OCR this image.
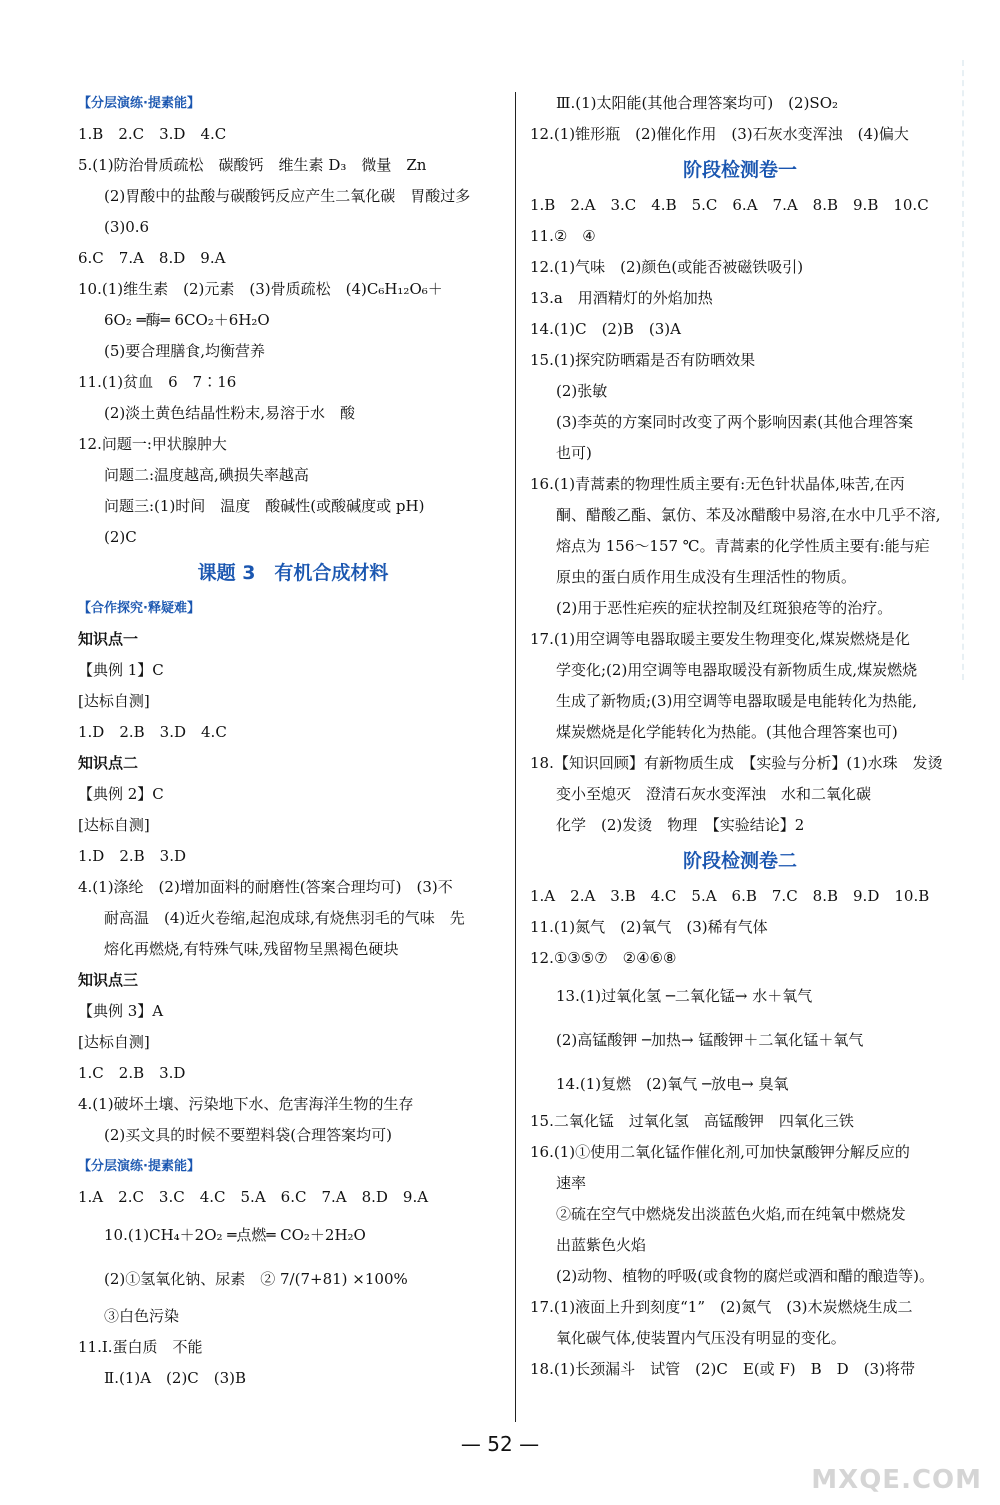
【分层演练·提素能】
1.B　2.C　3.D　4.C
5.(1)防治骨质疏松　碳酸钙　维生素 D₃　微量　Zn
(2)胃酸中的盐酸与碳酸钙反应产生二氧化碳　胃酸过多
(3)0.6
6.C　7.A　8.D　9.A
10.(1)维生素　(2)元素　(3)骨质疏松　(4)C₆H₁₂O₆＋
6O₂ ═酶═ 6CO₂＋6H₂O
(5)要合理膳食,均衡营养
11.(1)贫血　6　7∶16
(2)淡土黄色结晶性粉末,易溶于水　酸
12.问题一:甲状腺肿大
问题二:温度越高,碘损失率越高
问题三:(1)时间　温度　酸碱性(或酸碱度或 pH)
(2)C
课题 3　有机合成材料
【合作探究·释疑难】
知识点一
【典例 1】C
[达标自测]
1.D　2.B　3.D　4.C
知识点二
【典例 2】C
[达标自测]
1.D　2.B　3.D
4.(1)涤纶　(2)增加面料的耐磨性(答案合理均可)　(3)不
耐高温　(4)近火卷缩,起泡成球,有烧焦羽毛的气味　先
熔化再燃烧,有特殊气味,残留物呈黑褐色硬块
知识点三
【典例 3】A
[达标自测]
1.C　2.B　3.D
4.(1)破坏土壤、污染地下水、危害海洋生物的生存
(2)买文具的时候不要塑料袋(合理答案均可)
【分层演练·提素能】
1.A　2.C　3.C　4.C　5.A　6.C　7.A　8.D　9.A
10.(1)CH₄＋2O₂ ═点燃═ CO₂＋2H₂O
(2)①氢氧化钠、尿素　② 7/(7+81) ×100%
③白色污染
11.Ⅰ.蛋白质　不能
Ⅱ.(1)A　(2)C　(3)B
Ⅲ.(1)太阳能(其他合理答案均可)　(2)SO₂
12.(1)锥形瓶　(2)催化作用　(3)石灰水变浑浊　(4)偏大
阶段检测卷一
1.B　2.A　3.C　4.B　5.C　6.A　7.A　8.B　9.B　10.C
11.②　④
12.(1)气味　(2)颜色(或能否被磁铁吸引)
13.a　用酒精灯的外焰加热
14.(1)C　(2)B　(3)A
15.(1)探究防晒霜是否有防晒效果
(2)张敏
(3)李英的方案同时改变了两个影响因素(其他合理答案
也可)
16.(1)青蒿素的物理性质主要有:无色针状晶体,味苦,在丙
酮、醋酸乙酯、氯仿、苯及冰醋酸中易溶,在水中几乎不溶,
熔点为 156～157 ℃。青蒿素的化学性质主要有:能与疟
原虫的蛋白质作用生成没有生理活性的物质。
(2)用于恶性疟疾的症状控制及红斑狼疮等的治疗。
17.(1)用空调等电器取暖主要发生物理变化,煤炭燃烧是化
学变化;(2)用空调等电器取暖没有新物质生成,煤炭燃烧
生成了新物质;(3)用空调等电器取暖是电能转化为热能,
煤炭燃烧是化学能转化为热能。(其他合理答案也可)
18.【知识回顾】有新物质生成　【实验与分析】(1)水珠　发烫
变小至熄灭　澄清石灰水变浑浊　水和二氧化碳
化学　(2)发烫　物理　【实验结论】2
阶段检测卷二
1.A　2.A　3.B　4.C　5.A　6.B　7.C　8.B　9.D　10.B
11.(1)氮气　(2)氧气　(3)稀有气体
12.①③⑤⑦　②④⑥⑧
13.(1)过氧化氢 ─二氧化锰→ 水＋氧气
(2)高锰酸钾 ─加热→ 锰酸钾＋二氧化锰＋氧气
14.(1)复燃　(2)氧气 ─放电→ 臭氧
15.二氧化锰　过氧化氢　高锰酸钾　四氧化三铁
16.(1)①使用二氧化锰作催化剂,可加快氯酸钾分解反应的
速率
②硫在空气中燃烧发出淡蓝色火焰,而在纯氧中燃烧发
出蓝紫色火焰
(2)动物、植物的呼吸(或食物的腐烂或酒和醋的酿造等)。
17.(1)液面上升到刻度“1”　(2)氮气　(3)木炭燃烧生成二
氧化碳气体,使装置内气压没有明显的变化。
18.(1)长颈漏斗　试管　(2)C　E(或 F)　B　D　(3)将带
— 52 —
MXQE.COM
